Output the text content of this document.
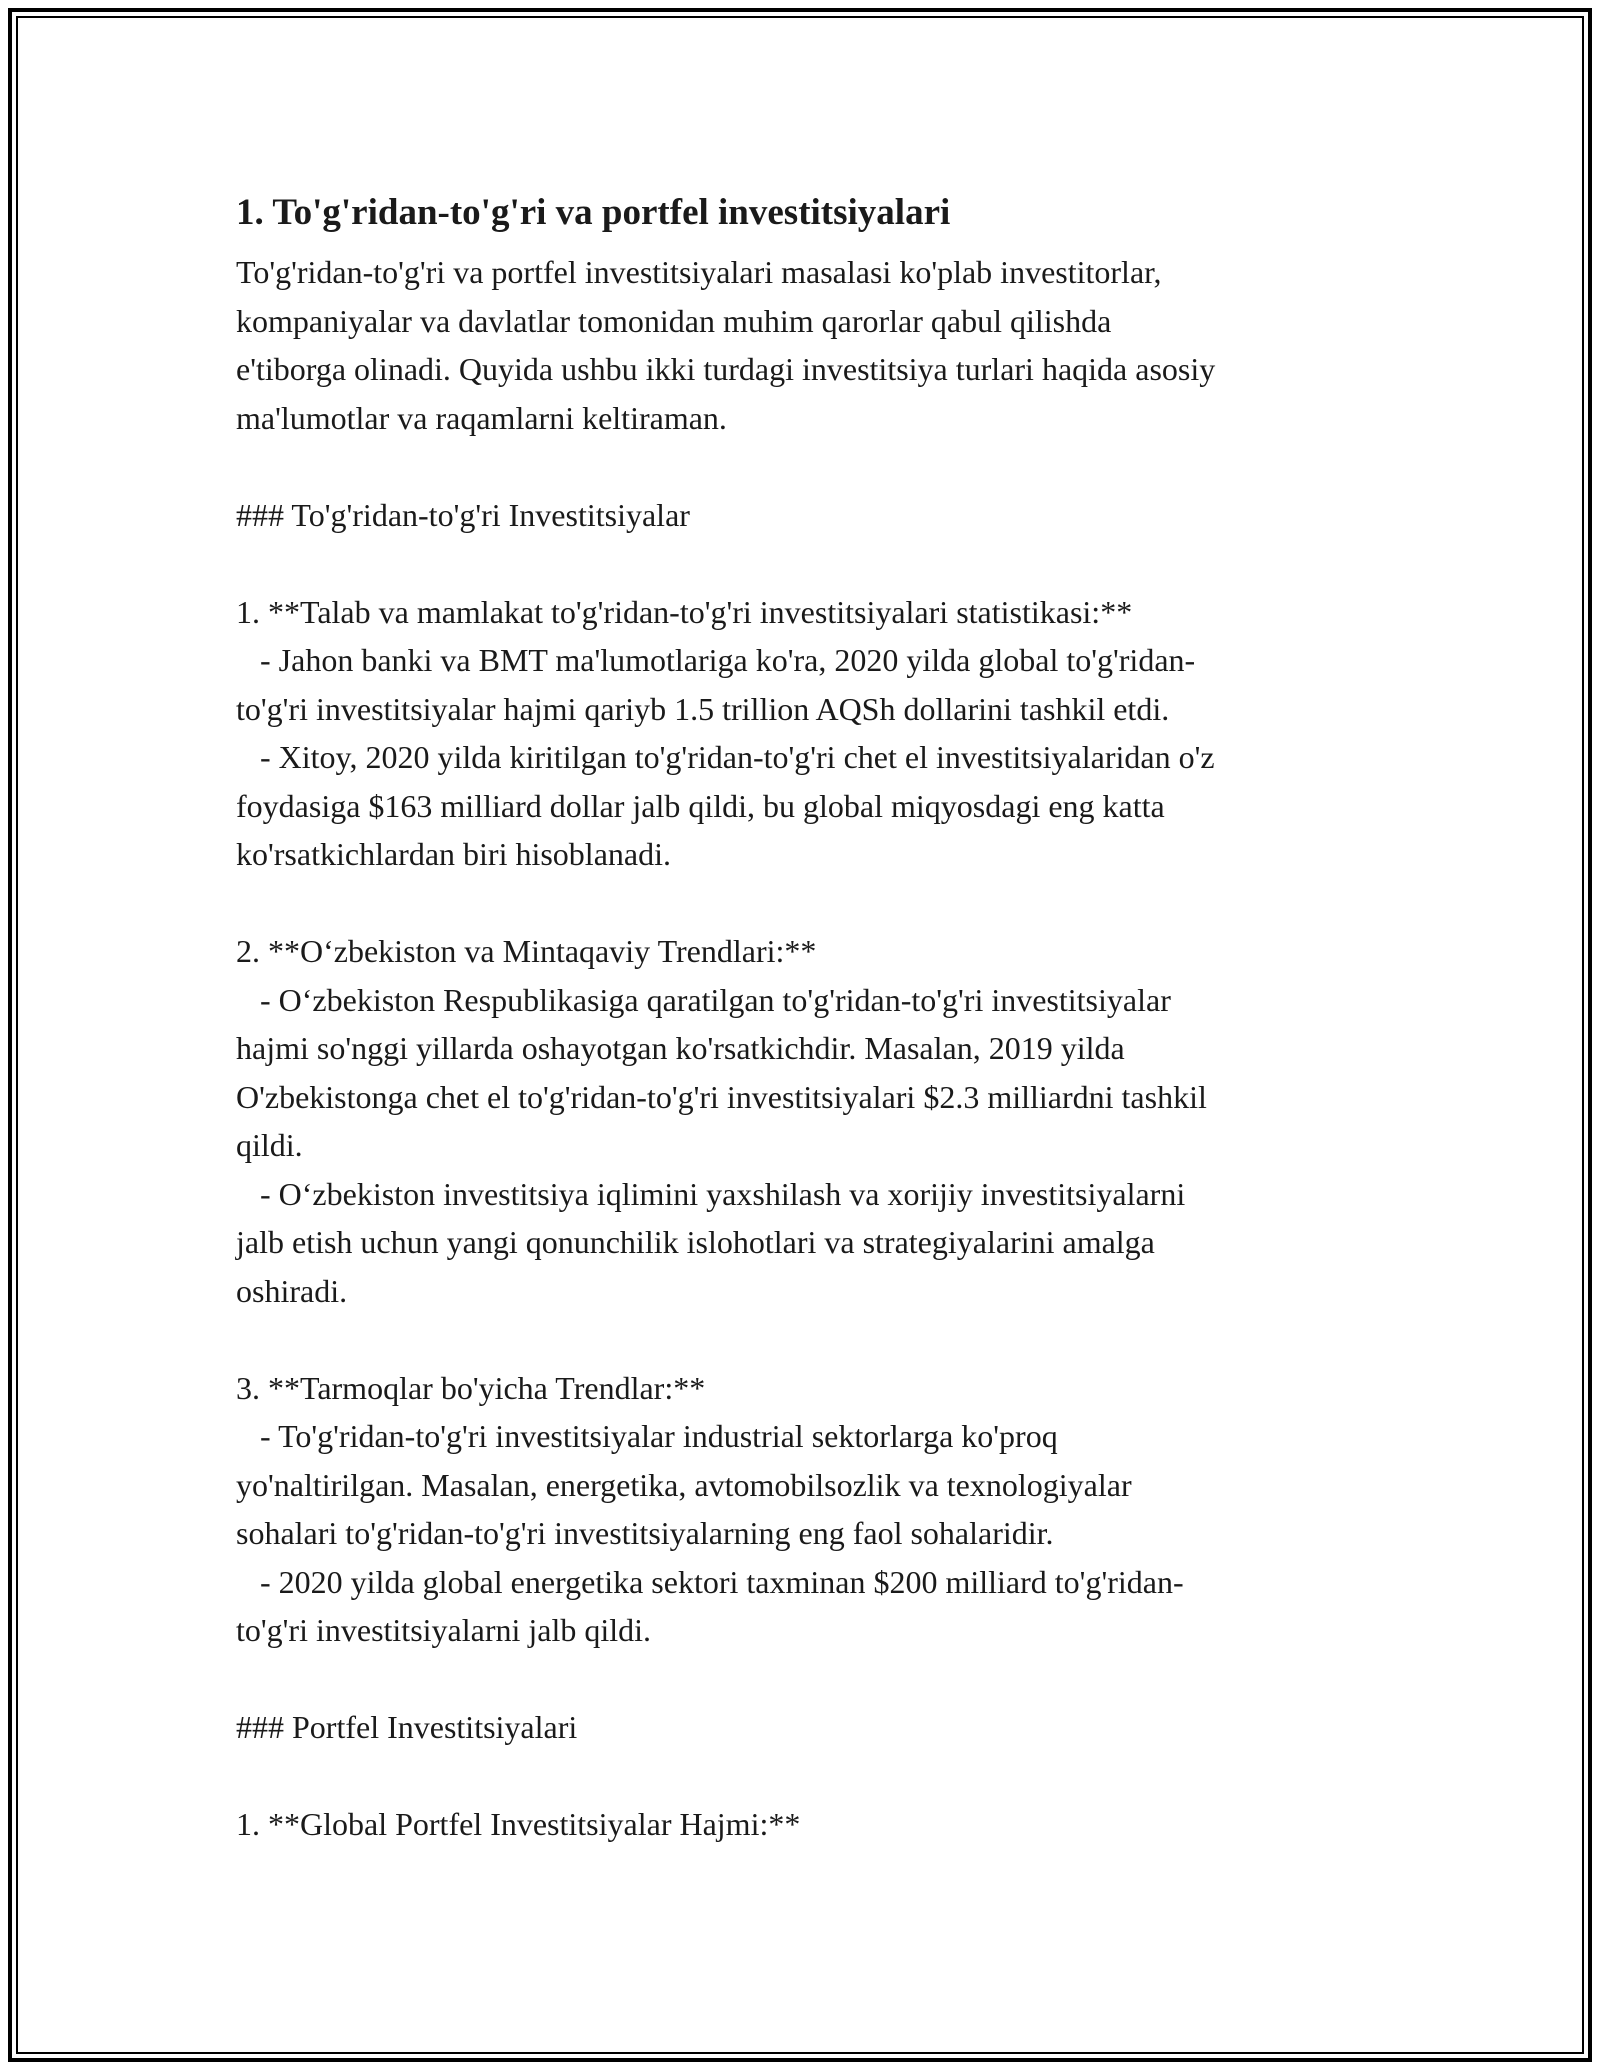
1. To'g'ridan-to'g'ri va portfel investitsiyalari
To'g'ridan-to'g'ri va portfel investitsiyalari masalasi ko'plab investitorlar,
kompaniyalar va davlatlar tomonidan muhim qarorlar qabul qilishda
e'tiborga olinadi. Quyida ushbu ikki turdagi investitsiya turlari haqida asosiy
ma'lumotlar va raqamlarni keltiraman.
### To'g'ridan-to'g'ri Investitsiyalar
1. **Talab va mamlakat to'g'ridan-to'g'ri investitsiyalari statistikasi:**
- Jahon banki va BMT ma'lumotlariga ko'ra, 2020 yilda global to'g'ridan-
to'g'ri investitsiyalar hajmi qariyb 1.5 trillion AQSh dollarini tashkil etdi.
- Xitoy, 2020 yilda kiritilgan to'g'ridan-to'g'ri chet el investitsiyalaridan o'z
foydasiga $163 milliard dollar jalb qildi, bu global miqyosdagi eng katta
ko'rsatkichlardan biri hisoblanadi.
2. **O‘zbekiston va Mintaqaviy Trendlari:**
- O‘zbekiston Respublikasiga qaratilgan to'g'ridan-to'g'ri investitsiyalar
hajmi so'nggi yillarda oshayotgan ko'rsatkichdir. Masalan, 2019 yilda
O'zbekistonga chet el to'g'ridan-to'g'ri investitsiyalari $2.3 milliardni tashkil
qildi.
- O‘zbekiston investitsiya iqlimini yaxshilash va xorijiy investitsiyalarni
jalb etish uchun yangi qonunchilik islohotlari va strategiyalarini amalga
oshiradi.
3. **Tarmoqlar bo'yicha Trendlar:**
- To'g'ridan-to'g'ri investitsiyalar industrial sektorlarga ko'proq
yo'naltirilgan. Masalan, energetika, avtomobilsozlik va texnologiyalar
sohalari to'g'ridan-to'g'ri investitsiyalarning eng faol sohalaridir.
- 2020 yilda global energetika sektori taxminan $200 milliard to'g'ridan-
to'g'ri investitsiyalarni jalb qildi.
### Portfel Investitsiyalari
1. **Global Portfel Investitsiyalar Hajmi:**
